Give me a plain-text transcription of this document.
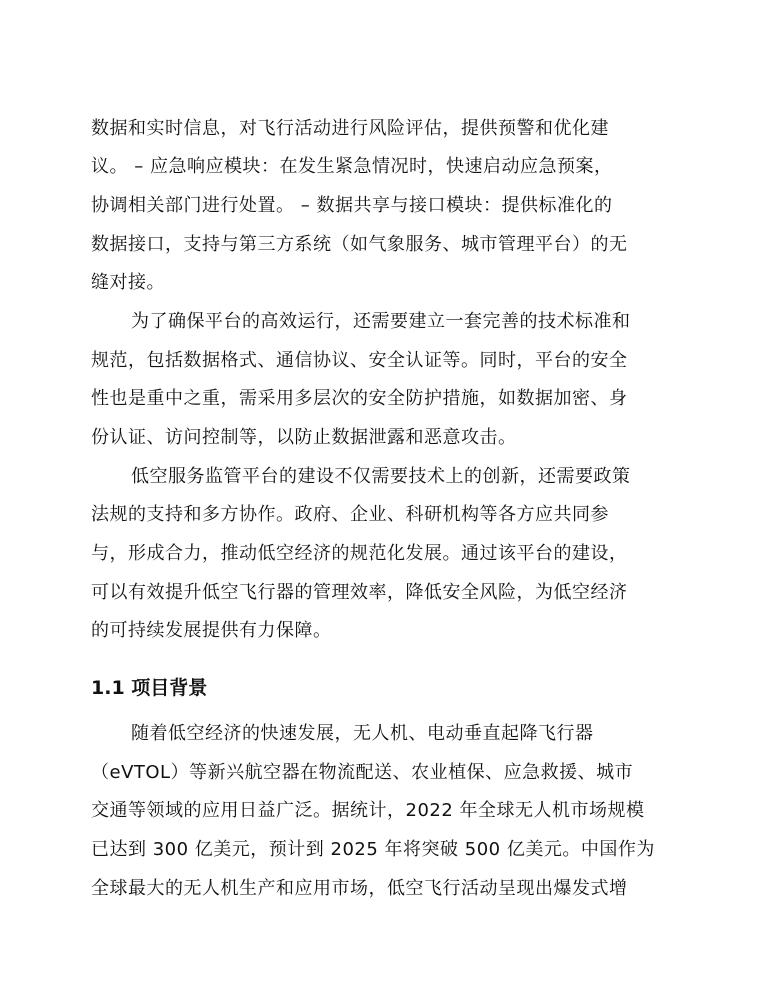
数据和实时信息，对飞行活动进行风险评估，提供预警和优化建
议。 – 应急响应模块：在发生紧急情况时，快速启动应急预案，
协调相关部门进行处置。 – 数据共享与接口模块：提供标准化的
数据接口，支持与第三方系统（如气象服务、城市管理平台）的无
缝对接。
为了确保平台的高效运行，还需要建立一套完善的技术标准和
规范，包括数据格式、通信协议、安全认证等。同时，平台的安全
性也是重中之重，需采用多层次的安全防护措施，如数据加密、身
份认证、访问控制等，以防止数据泄露和恶意攻击。
低空服务监管平台的建设不仅需要技术上的创新，还需要政策
法规的支持和多方协作。政府、企业、科研机构等各方应共同参
与，形成合力，推动低空经济的规范化发展。通过该平台的建设，
可以有效提升低空飞行器的管理效率，降低安全风险，为低空经济
的可持续发展提供有力保障。
1.1 项目背景
随着低空经济的快速发展，无人机、电动垂直起降飞行器
（eVTOL）等新兴航空器在物流配送、农业植保、应急救援、城市
交通等领域的应用日益广泛。据统计，2022 年全球无人机市场规模
已达到 300 亿美元，预计到 2025 年将突破 500 亿美元。中国作为
全球最大的无人机生产和应用市场，低空飞行活动呈现出爆发式增
